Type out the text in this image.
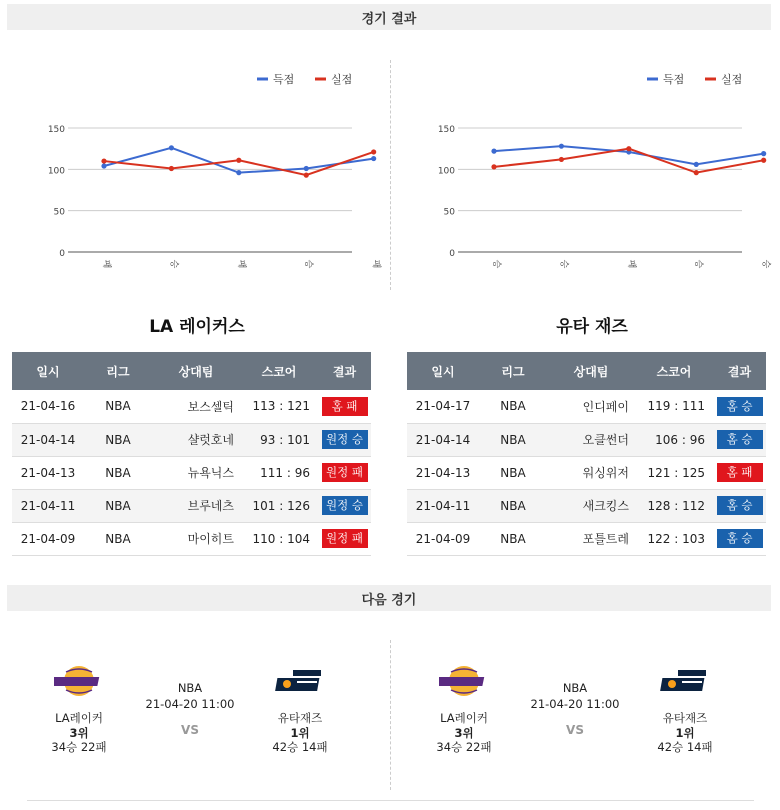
경기 결과
득점	실점
150
100
50
0
패	승	패	승	패
득점	실점
150
100
50
0
승	승	패	승	승
LA 레이커스	유타 재즈
일시	리그	상대팀	스코어	결과
21-04-16	NBA	보스셀틱	113 : 121	홈 패
21-04-14	NBA	샬럿호네	93 : 101	원정 승
21-04-13	NBA	뉴욕닉스	111 : 96	원정 패
21-04-11	NBA	브루네츠	101 : 126	원정 승
21-04-09	NBA	마이히트	110 : 104	원정 패
일시	리그	상대팀	스코어	결과
21-04-17	NBA	인디페이	119 : 111	홈 승
21-04-14	NBA	오클썬더	106 : 96	홈 승
21-04-13	NBA	워싱위저	121 : 125	홈 패
21-04-11	NBA	새크킹스	128 : 112	홈 승
21-04-09	NBA	포틀트레	122 : 103	홈 승
다음 경기
LA레이커
3위
34승 22패
NBA
21-04-20 11:00
VS
유타재즈
1위
42승 14패
LA레이커
3위
34승 22패
NBA
21-04-20 11:00
VS
유타재즈
1위
42승 14패
